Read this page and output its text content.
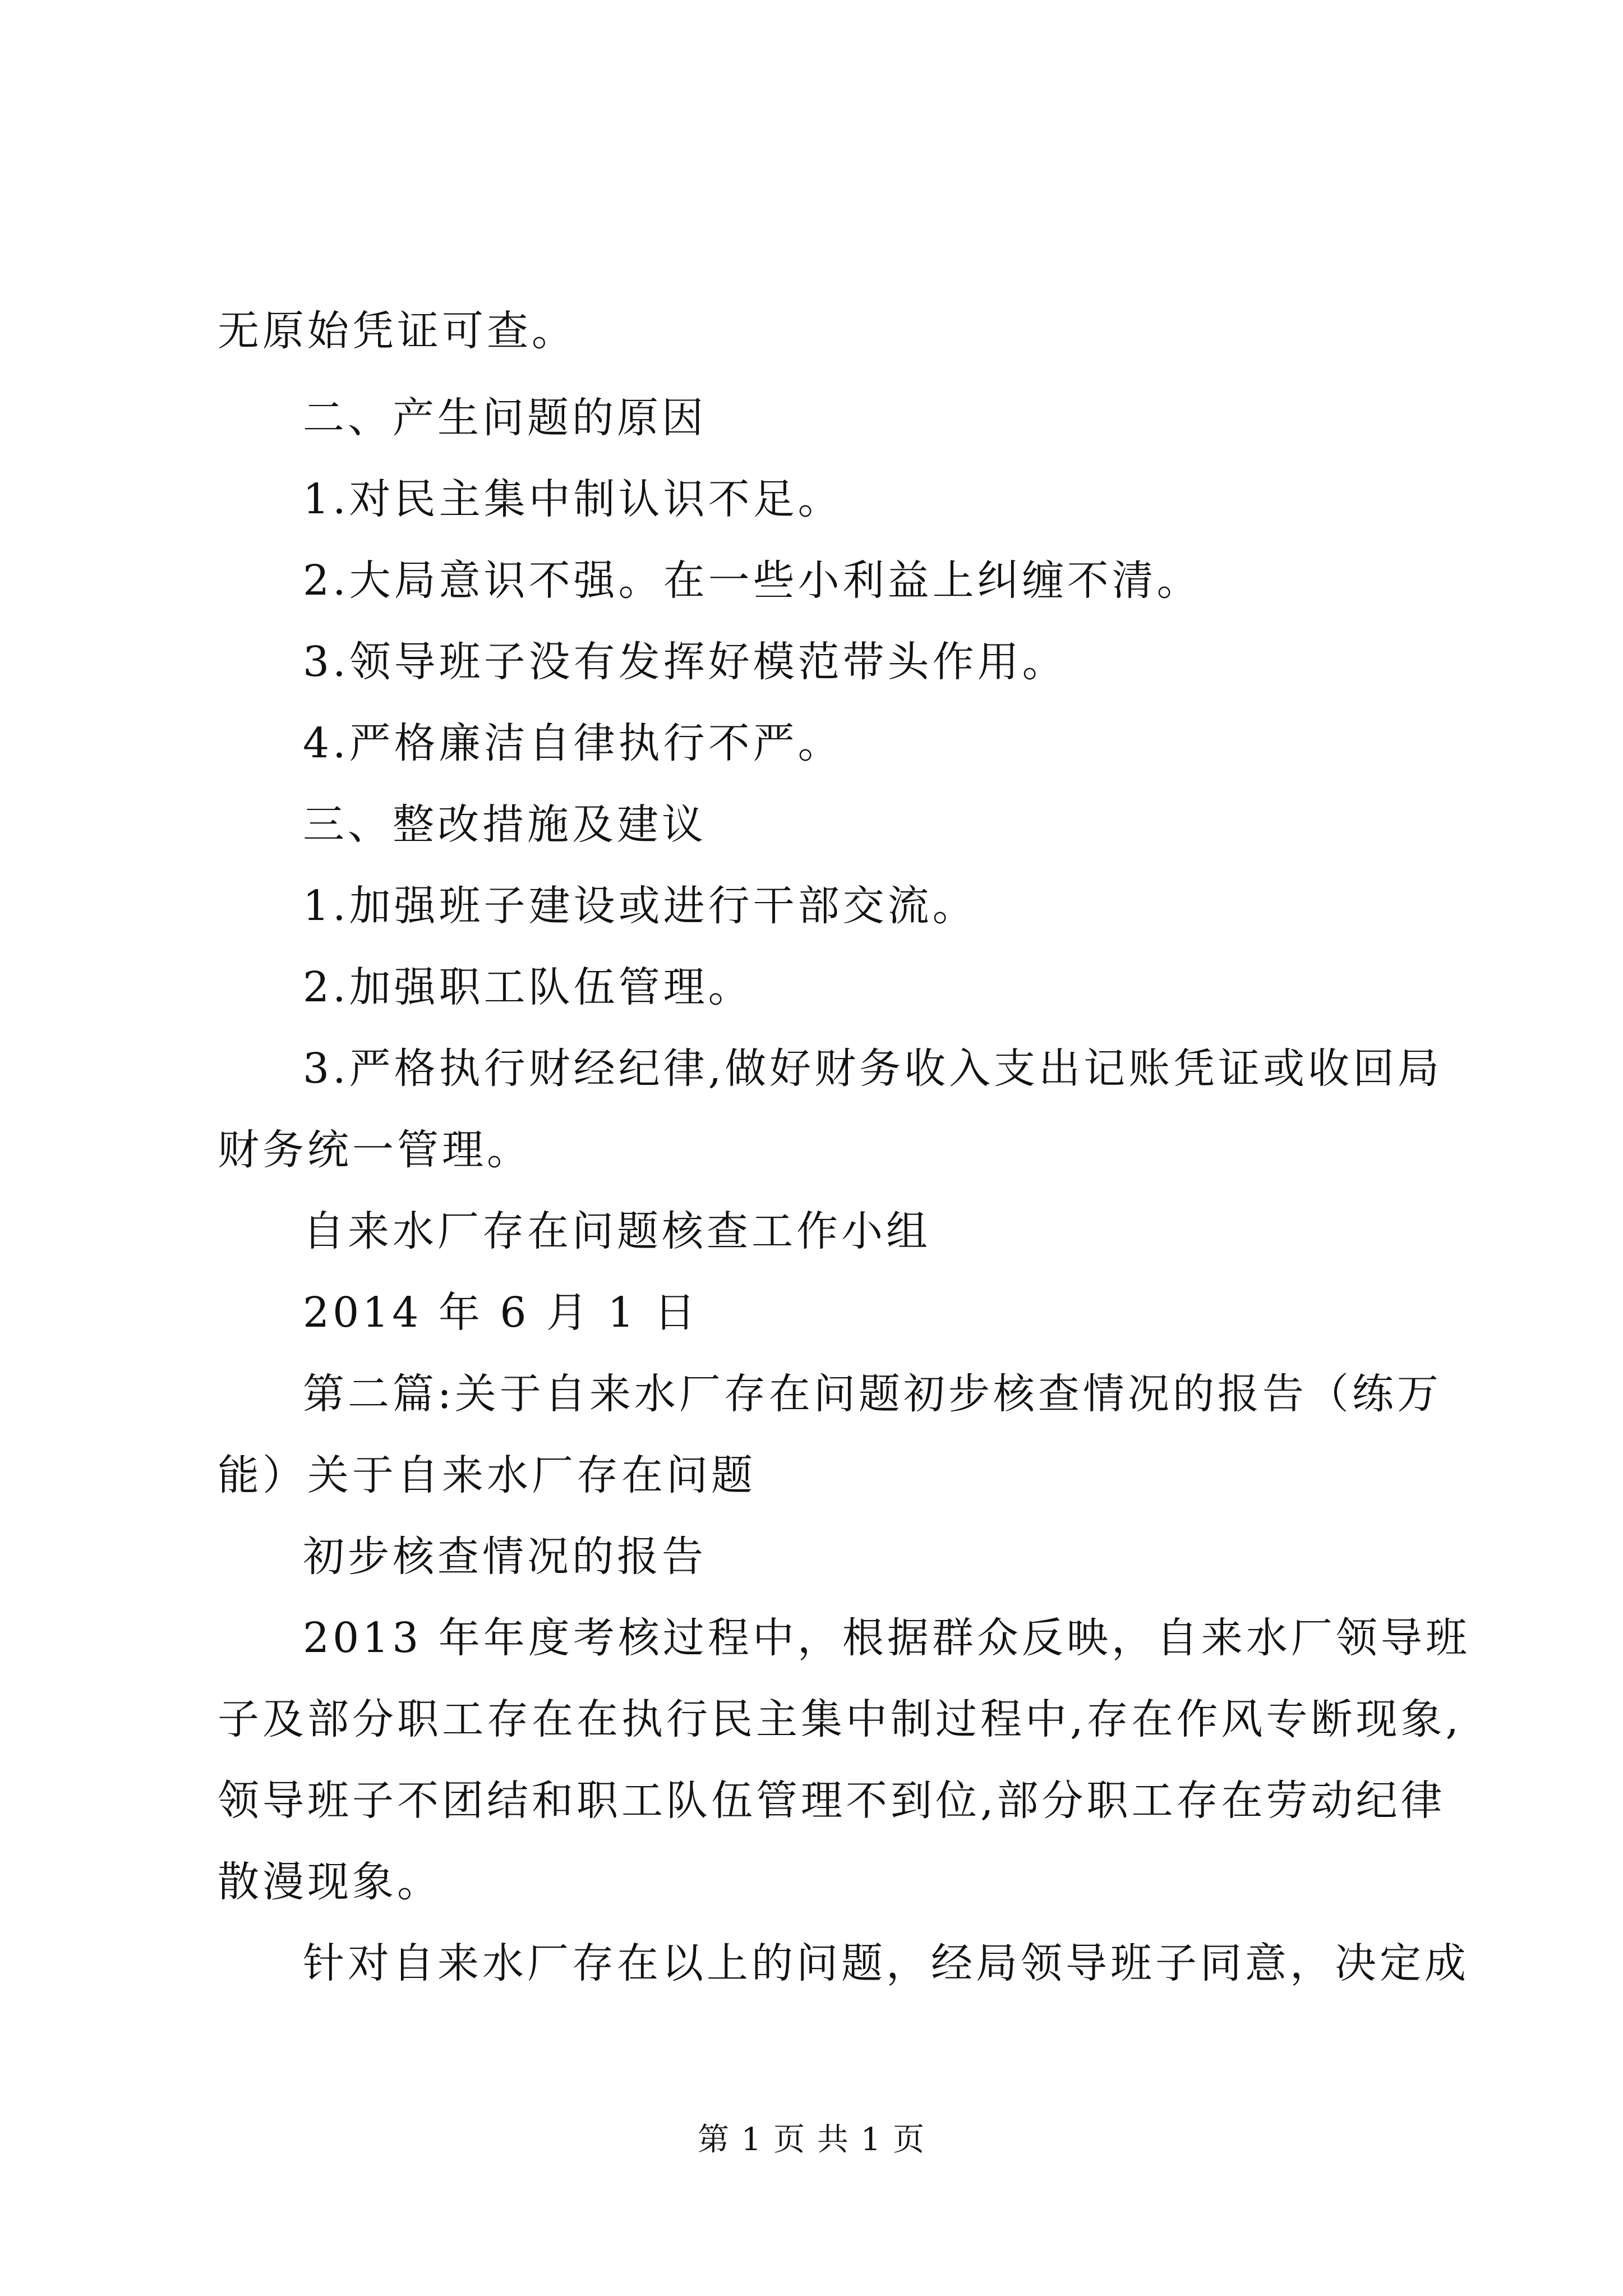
无原始凭证可查。
二、产生问题的原因
1.对民主集中制认识不足。
2.大局意识不强。在一些小利益上纠缠不清。
3.领导班子没有发挥好模范带头作用。
4.严格廉洁自律执行不严。
三、整改措施及建议
1.加强班子建设或进行干部交流。
2.加强职工队伍管理。
3.严格执行财经纪律,做好财务收入支出记账凭证或收回局
财务统一管理。
自来水厂存在问题核查工作小组
2014 年 6 月 1 日
第二篇:关于自来水厂存在问题初步核查情况的报告（练万
能）关于自来水厂存在问题
初步核查情况的报告
2013 年年度考核过程中，根据群众反映，自来水厂领导班
子及部分职工存在在执行民主集中制过程中,存在作风专断现象,
领导班子不团结和职工队伍管理不到位,部分职工存在劳动纪律
散漫现象。
针对自来水厂存在以上的问题，经局领导班子同意，决定成
第 1 页 共 1 页
